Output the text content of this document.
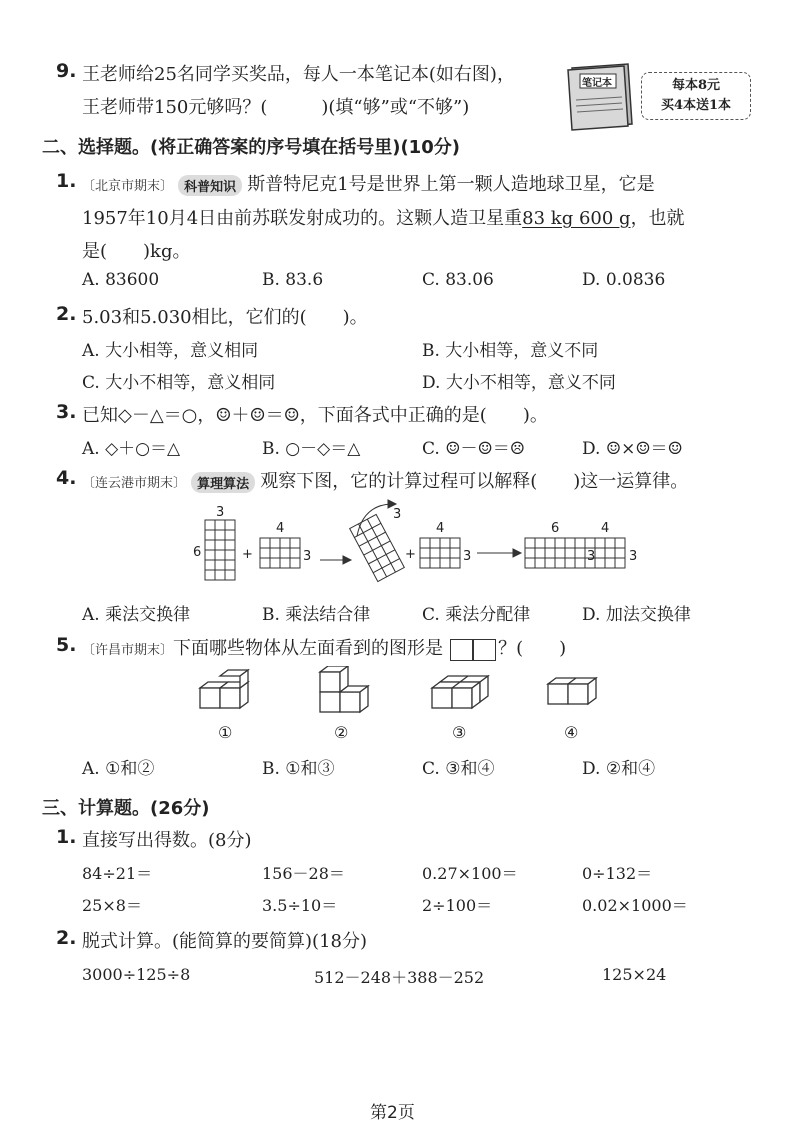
9. 王老师给25名同学买奖品，每人一本笔记本(如右图)，
王老师带150元够吗？(　　　)(填“够”或“不够”)
笔记本	每本8元
买4本送1本
二、选择题。(将正确答案的序号填在括号里)(10分)
1. 〔北京市期末〕 科普知识 斯普特尼克1号是世界上第一颗人造地球卫星，它是
1957年10月4日由前苏联发射成功的。这颗人造卫星重83 kg 600 g，也就
是(　　)kg。
A. 83600	B. 83.6	C. 83.06	D. 0.0836
2. 5.03和5.030相比，它们的(　　)。
A. 大小相等，意义相同	B. 大小相等，意义不同
C. 大小不相等，意义相同	D. 大小不相等，意义不同
3. 已知◇－△＝○，☺＋☺＝☺，下面各式中正确的是(　　)。
A. ◇＋○＝△	B. ○－◇＝△	C. ☺－☺＝☹	D. ☺×☺＝☺
4. 〔连云港市期末〕 算理算法 观察下图，它的计算过程可以解释(　　)这一运算律。
3
6	+
4
3
3
+
4
3
6	4
3	3
A. 乘法交换律	B. 乘法结合律	C. 乘法分配律	D. 加法交换律
5. 〔许昌市期末〕下面哪些物体从左面看到的图形是	？(　　)
①	②	③	④
A. ①和②	B. ①和③	C. ③和④	D. ②和④
三、计算题。(26分)
1. 直接写出得数。(8分)
84÷21＝	156－28＝	0.27×100＝	0÷132＝
25×8＝	3.5÷10＝	2÷100＝	0.02×1000＝
2. 脱式计算。(能简算的要简算)(18分)
3000÷125÷8	512－248＋388－252	125×24
第2页
